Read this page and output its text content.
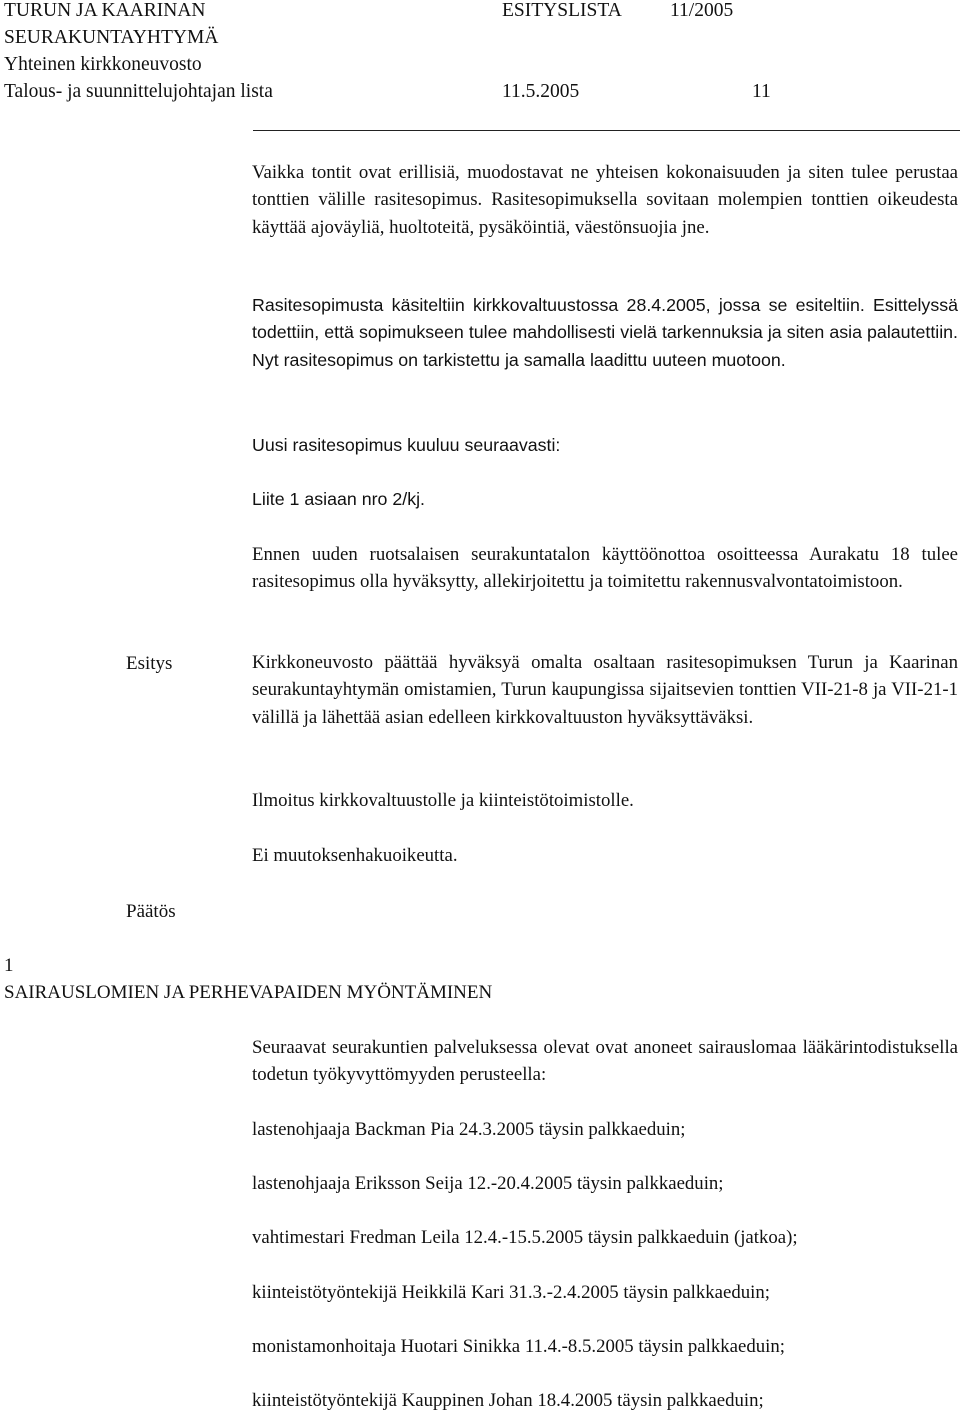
TURUN JA KAARINAN
SEURAKUNTAYHTYMÄ
Yhteinen kirkkoneuvosto
Talous- ja suunnittelujohtajan lista
ESITYSLISTA 11/2005
11.5.2005	11

Vaikka tontit ovat erillisiä, muodostavat ne yhteisen kokonaisuuden ja siten tulee perustaa tonttien välille rasitesopimus. Rasitesopimuksella sovitaan molempien tonttien oikeudesta käyttää ajoväyliä, huoltoteitä, pysäköintiä, väestönsuojia jne.

Rasitesopimusta käsiteltiin kirkkovaltuustossa 28.4.2005, jossa se esiteltiin. Esittelyssä todettiin, että sopimukseen tulee mahdollisesti vielä tarkennuksia ja siten asia palautettiin. Nyt rasitesopimus on tarkistettu ja samalla laadittu uuteen muotoon.

Uusi rasitesopimus kuuluu seuraavasti:

Liite 1 asiaan nro 2/kj.

Ennen uuden ruotsalaisen seurakuntatalon käyttöönottoa osoitteessa Aurakatu 18 tulee rasitesopimus olla hyväksytty, allekirjoitettu ja toimitettu rakennusvalvontatoimistoon.

Esitys	Kirkkoneuvosto päättää hyväksyä omalta osaltaan rasitesopimuksen Turun ja Kaarinan seurakuntayhtymän omistamien, Turun kaupungissa sijaitsevien tonttien VII-21-8 ja VII-21-1 välillä ja lähettää asian edelleen kirkkovaltuuston hyväksyttäväksi.

Ilmoitus kirkkovaltuustolle ja kiinteistötoimistolle.

Ei muutoksenhakuoikeutta.

Päätös
1
SAIRAUSLOMIEN JA PERHEVAPAIDEN MYÖNTÄMINEN

Seuraavat seurakuntien palveluksessa olevat ovat anoneet sairauslomaa lääkärintodistuksella todetun työkyvyttömyyden perusteella:

lastenohjaaja Backman Pia 24.3.2005 täysin palkkaeduin;

lastenohjaaja Eriksson Seija 12.-20.4.2005 täysin palkkaeduin;

vahtimestari Fredman Leila 12.4.-15.5.2005 täysin palkkaeduin (jatkoa);

kiinteistötyöntekijä Heikkilä Kari 31.3.-2.4.2005 täysin palkkaeduin;

monistamonhoitaja Huotari Sinikka 11.4.-8.5.2005 täysin palkkaeduin;

kiinteistötyöntekijä Kauppinen Johan 18.4.2005 täysin palkkaeduin;
